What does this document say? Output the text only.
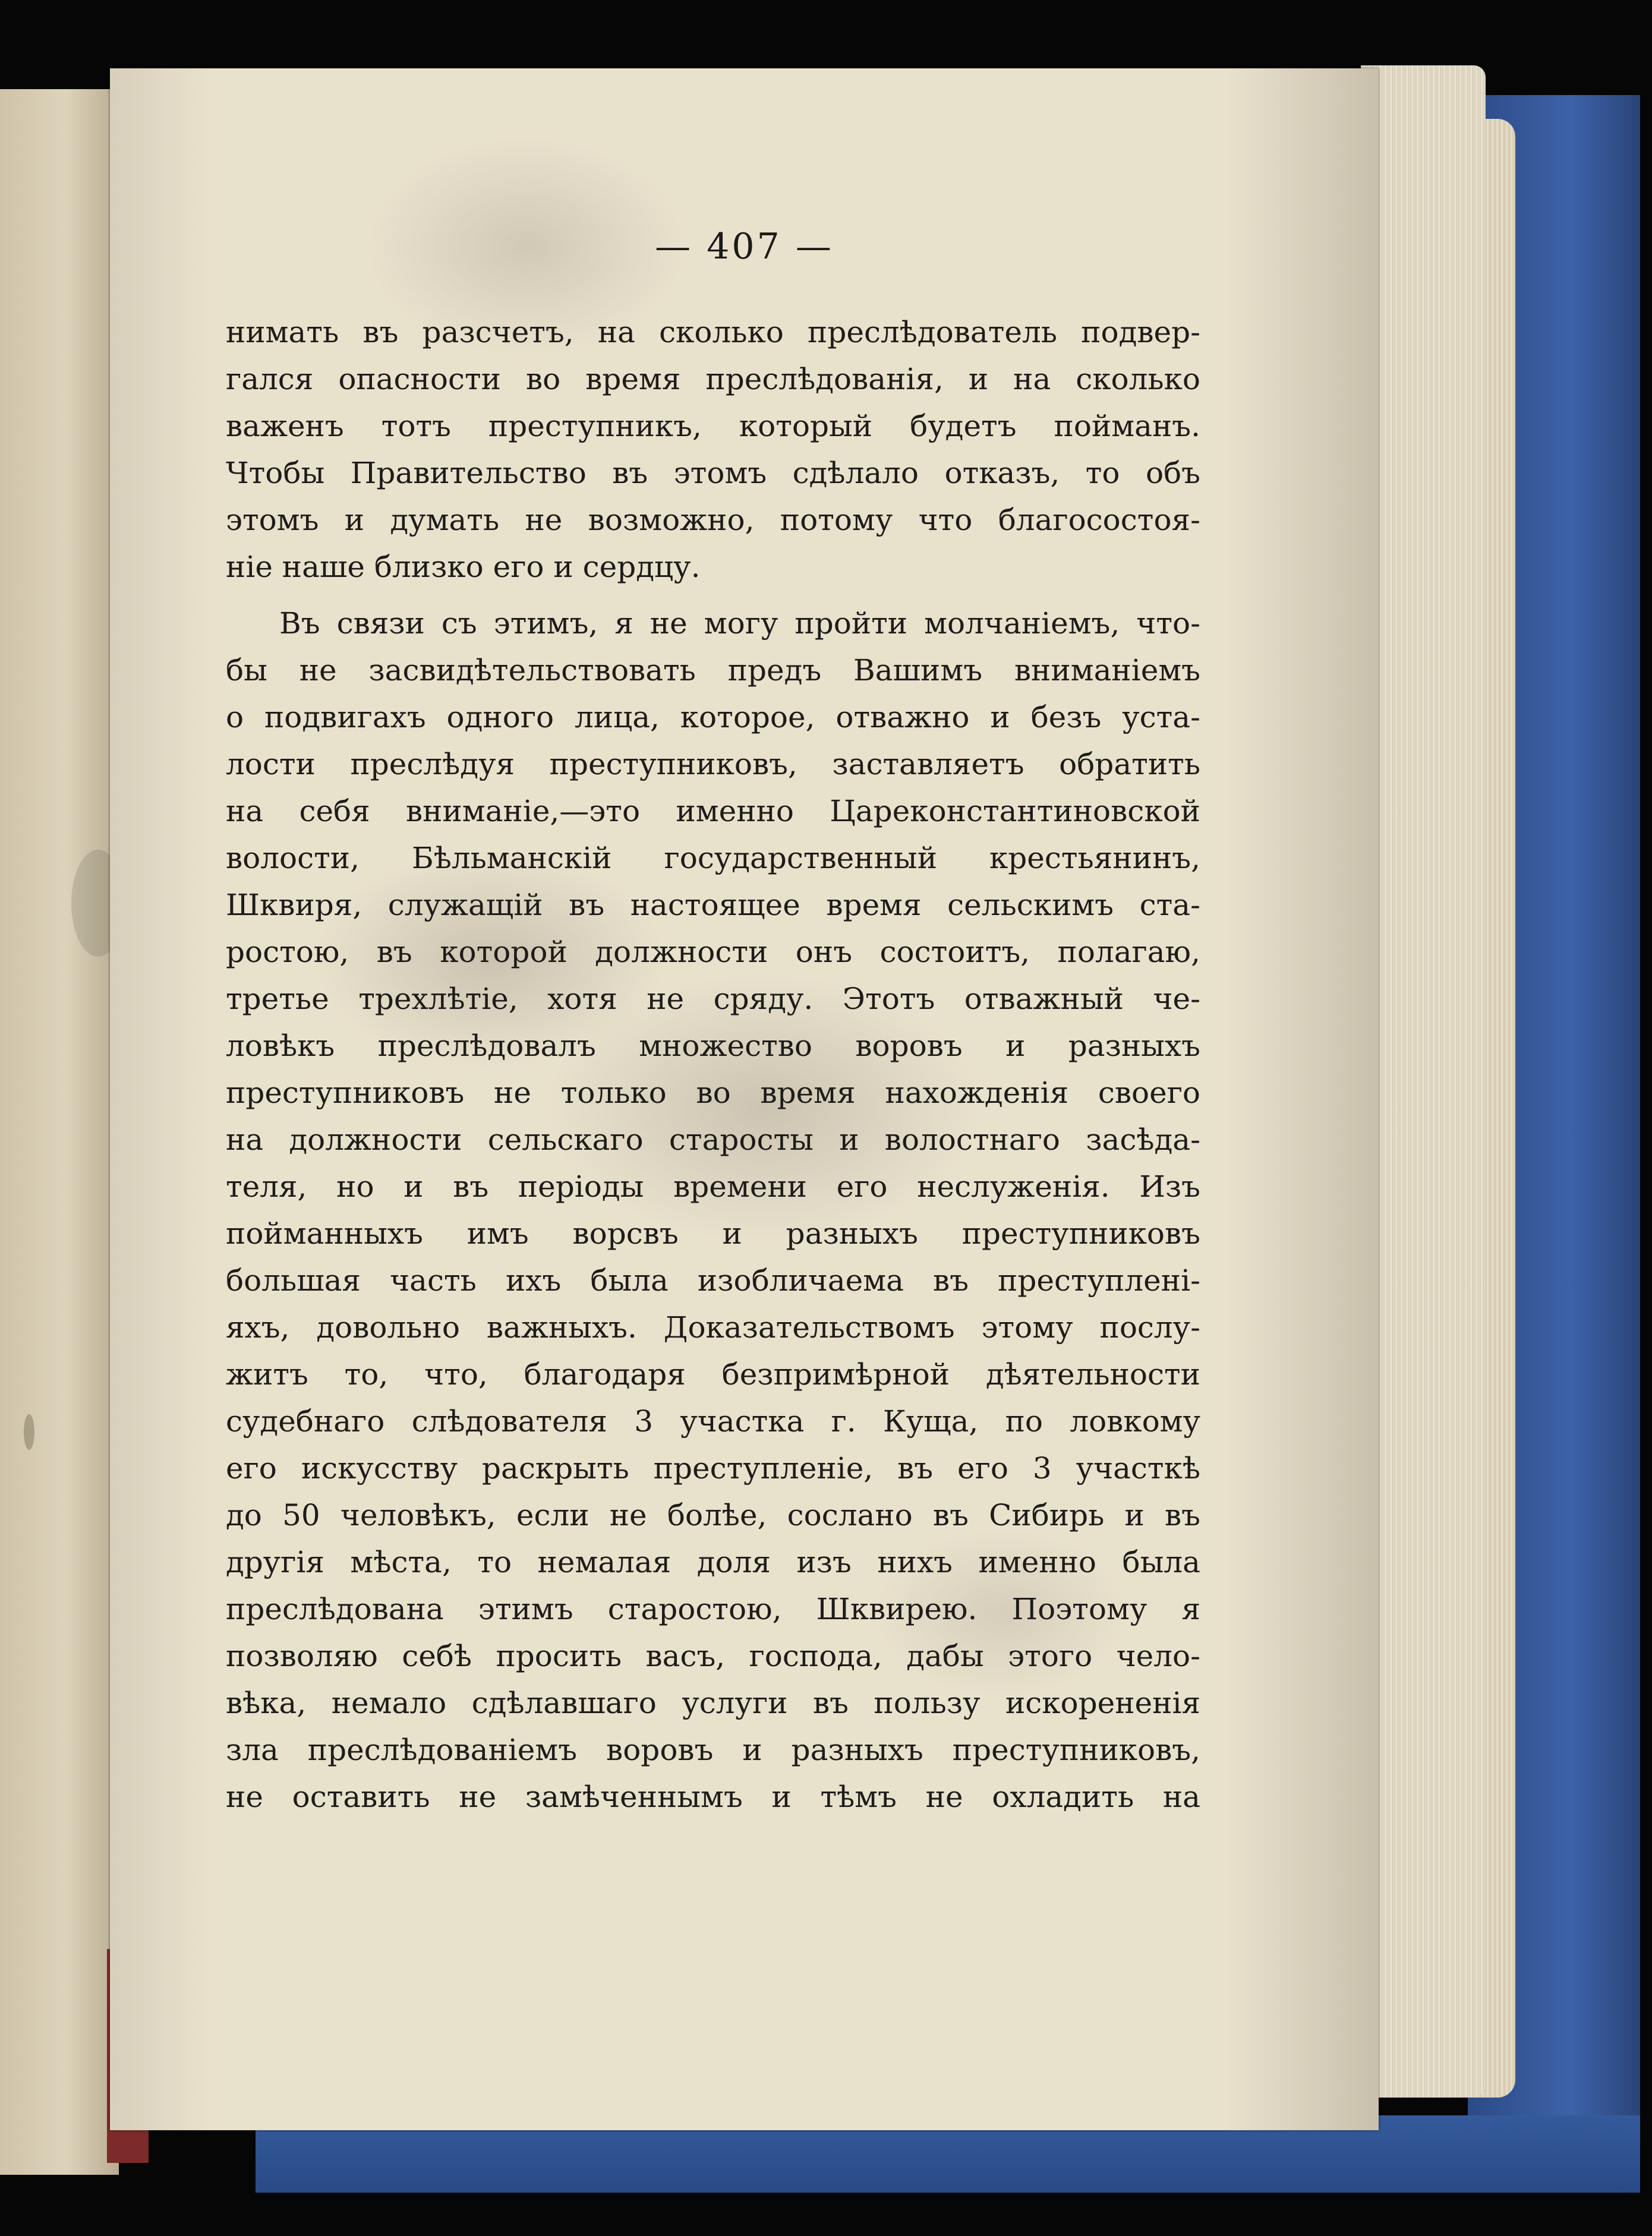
— 407 —
нимать въ разсчетъ, на сколько преслѣдователь подвер-
гался опасности во время преслѣдованія, и на сколько
важенъ тотъ преступникъ, который будетъ пойманъ.
Чтобы Правительство въ этомъ сдѣлало отказъ, то объ
этомъ и думать не возможно, потому что благосостоя-
ніе наше близко его и сердцу.
Въ связи съ этимъ, я не могу пройти молчаніемъ, что-
бы не засвидѣтельствовать предъ Вашимъ вниманіемъ
о подвигахъ одного лица, которое, отважно и безъ уста-
лости преслѣдуя преступниковъ, заставляетъ обратить
на себя вниманіе,—это именно Цареконстантиновской
волости, Бѣльманскій государственный крестьянинъ,
Шквиря, служащій въ настоящее время сельскимъ ста-
ростою, въ которой должности онъ состоитъ, полагаю,
третье трехлѣтіе, хотя не сряду. Этотъ отважный че-
ловѣкъ преслѣдовалъ множество воровъ и разныхъ
преступниковъ не только во время нахожденія своего
на должности сельскаго старосты и волостнаго засѣда-
теля, но и въ періоды времени его неслуженія. Изъ
пойманныхъ имъ ворсвъ и разныхъ преступниковъ
большая часть ихъ была изобличаема въ преступлені-
яхъ, довольно важныхъ. Доказательствомъ этому послу-
житъ то, что, благодаря безпримѣрной дѣятельности
судебнаго слѣдователя 3 участка г. Куща, по ловкому
его искусству раскрыть преступленіе, въ его 3 участкѣ
до 50 человѣкъ, если не болѣе, сослано въ Сибирь и въ
другія мѣста, то немалая доля изъ нихъ именно была
преслѣдована этимъ старостою, Шквирею. Поэтому я
позволяю себѣ просить васъ, господа, дабы этого чело-
вѣка, немало сдѣлавшаго услуги въ пользу искорененія
зла преслѣдованіемъ воровъ и разныхъ преступниковъ,
не оставить не замѣченнымъ и тѣмъ не охладить на
